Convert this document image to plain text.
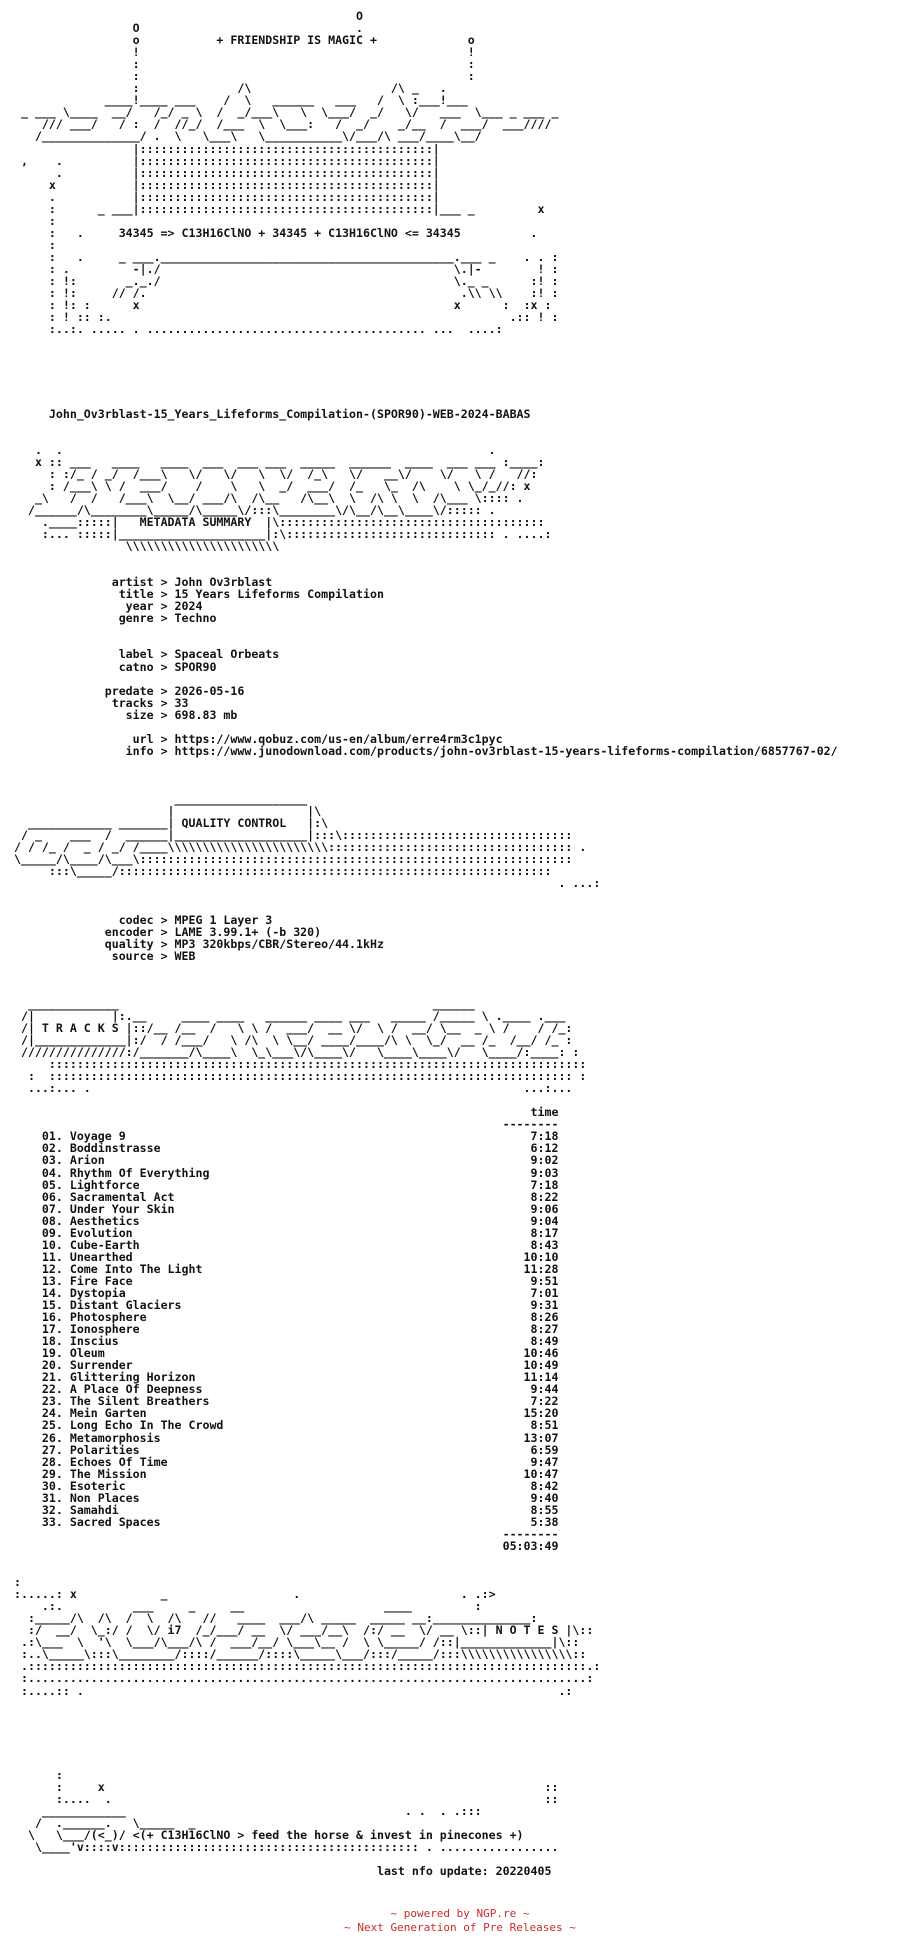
O
O                               .
o           + FRIENDSHIP IS MAGIC +             o
!                                               !
:                                               :
:                                               :
:              /\                    /\ _   .
____!____ ___    /  \   ______   ___   /  \ :___!___
_ ___ \____  __/   /_/ _ \  /  _/___\   \  \___/  _/   \/   ___  \___ _ ___ _
/// ___/   / :  /  //_/  /___  \  \___:   /  _/    _/__  /  ___/  ___////
/______________/ .  \   \___\   \___________\/___/\ ___/____\__/
|::::::::::::::::::::::::::::::::::::::::::|
,    .          |::::::::::::::::::::::::::::::::::::::::::|
.          |::::::::::::::::::::::::::::::::::::::::::|
x           |::::::::::::::::::::::::::::::::::::::::::|
.           |::::::::::::::::::::::::::::::::::::::::::|
:      _ ___|::::::::::::::::::::::::::::::::::::::::::|___ _         x
:
:   .     34345 => C13H16ClNO + 34345 + C13H16ClNO <= 34345          .
:
:   .     _ ___.__________________________________________.___ _    . . :
: .         -|./                                          \.|-        ! :
: !:       _._./                                          \._ _      :! :
: !:     // /.                                             .\\ \\    :! :
: !: :      x                                             x      :  :x :
: ! :: :.                                                         .:: ! :
:..:. ..... . ........................................ ...  ....:
John_Ov3rblast-15_Years_Lifeforms_Compilation-(SPOR90)-WEB-2024-BABAS
.  .                                                             .
x :: ___   ____   ____  ___  ___ ___  _____  ______  ____  ___ ___ :____:
: :/_ / _/  /___\   \/   \/   \  \/  /_\   \/   __\/    \/   \ /   //:
: /___\ \ /  ___/    /    \   \  _/  ___/  /_   \_  /\    \ \_/_//: x
_\   /  /   /___\  \__/ ___/\  /\__   /\__\  \  /\ \  \  /\___ \:::: .
/______/\________\_____/\_____\/:::\________\/\__/\__\____\/::::: .
.____:::::|   METADATA SUMMARY  |\::::::::::::::::::::::::::::::::::::::
:... :::::|_____________________|:\:::::::::::::::::::::::::::::: . ....:
\\\\\\\\\\\\\\\\\\\\\\
artist > John Ov3rblast
title > 15 Years Lifeforms Compilation
year > 2024
genre > Techno
label > Spaceal Orbeats
catno > SPOR90
predate > 2026-05-16
tracks > 33
size > 698.83 mb
url > https://www.qobuz.com/us-en/album/erre4rm3c1pyc
info > https://www.junodownload.com/products/john-ov3rblast-15-years-lifeforms-compilation/6857767-02/
___________________
|                   |\
____________ _______| QUALITY CONTROL   |:\
/ _    ___  /  ______|___________________|:::\:::::::::::::::::::::::::::::::::
/ / /_ /  _ / _/ /____\\\\\\\\\\\\\\\\\\\\\\\::::::::::::::::::::::::::::::::::: .
\_____/\____/\___\::::::::::::::::::::::::::::::::::::::::::::::::::::::::::::::
:::\_____/::::::::::::::::::::::::::::::::::::::::::::::::::::::::::::::
. ...:
codec > MPEG 1 Layer 3
encoder > LAME 3.99.1+ (-b 320)
quality > MP3 320kbps/CBR/Stereo/44.1kHz
source > WEB
_____________                                             ______
/|           |:.__     ____ ____   ______ ____ ___   _____ /_____ \ .____ .___
/| T R A C K S |::/__ /__  /   \ \ /  ___/  __ \/  \ /  __/ \__  _ \ /    / /_:
/|_____________|:/  / /___/   \ /\  \ \__/ ____/____/\ \  \_/  __ /_  /__/ /_ :
///////////////:/_______/\____\  \_\___\/\____\/   \____\____\/   \____/:____: :
:::::::::::::::::::::::::::::::::::::::::::::::::::::::::::::::::::::::::::::
:  ::::::::::::::::::::::::::::::::::::::::::::::::::::::::::::::::::::::::::: :
...:... .                                                              ...:...
time
--------
01. Voyage 9                                                          7:18
02. Boddinstrasse                                                     6:12
03. Arion                                                             9:02
04. Rhythm Of Everything                                              9:03
05. Lightforce                                                        7:18
06. Sacramental Act                                                   8:22
07. Under Your Skin                                                   9:06
08. Aesthetics                                                        9:04
09. Evolution                                                         8:17
10. Cube-Earth                                                        8:43
11. Unearthed                                                        10:10
12. Come Into The Light                                              11:28
13. Fire Face                                                         9:51
14. Dystopia                                                          7:01
15. Distant Glaciers                                                  9:31
16. Photosphere                                                       8:26
17. Ionosphere                                                        8:27
18. Inscius                                                           8:49
19. Oleum                                                            10:46
20. Surrender                                                        10:49
21. Glittering Horizon                                               11:14
22. A Place Of Deepness                                               9:44
23. The Silent Breathers                                              7:22
24. Mein Garten                                                      15:20
25. Long Echo In The Crowd                                            8:51
26. Metamorphosis                                                    13:07
27. Polarities                                                        6:59
28. Echoes Of Time                                                    9:47
29. The Mission                                                      10:47
30. Esoteric                                                          8:42
31. Non Places                                                        9:40
32. Samahdi                                                           8:55
33. Sacred Spaces                                                     5:38
--------
05:03:49
:
:.....: x            _                  .                       . .:>
.:.          ___     _     __                    ____         :
:_____/\  /\  /  \  /\   //   ____  ___/\ _____  _____ __:______________:
:/  __/  \_:/ /  \/ i7  /_/___/ __  \/ ___/__\  /:/ __  \/ __ \::| N O T E S |\::
.:\___  \  '\  \___/\___/\ /  ___/__/ \___\__ /  \ \_____/ /::|_____________|\::
:..\_____\:::\________/::::/______/::::\_____\___/:::/_____/:::\\\\\\\\\\\\\\\\::
.::::::::::::::::::::::::::::::::::::::::::::::::::::::::::::::::::::::::::::::::.:
:................................................................................:
:....:: .                                                                    .:
:
:     x                                                               ::
:....  .                                                              ::
____________                                        . .  . .:::
/  .______.   \_____  _
\   \___/(<_)/ <(+ C13H16ClNO > feed the horse & invest in pinecones +)
\____'v::::v::::::::::::::::::::::::::::::::::::::::::: . .................
last nfo update: 20220405
~ powered by NGP.re ~
~ Next Generation of Pre Releases ~
